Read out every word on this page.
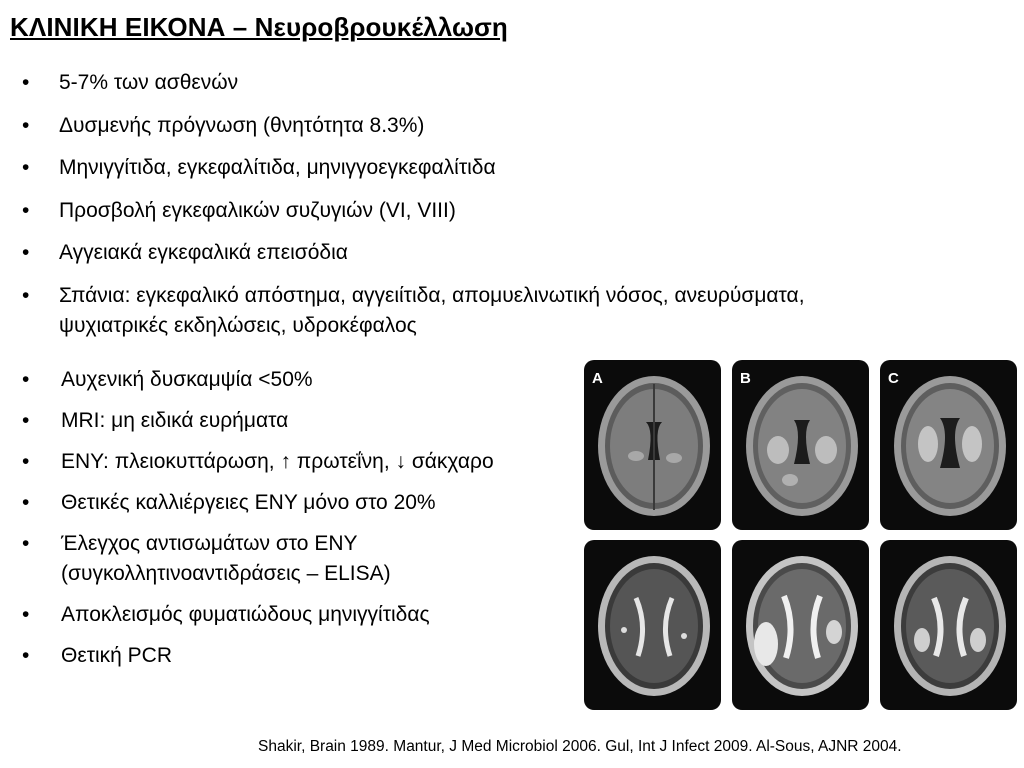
ΚΛΙΝΙΚΗ ΕΙΚΟΝΑ – Νευροβρουκέλλωση
• 5-7% των ασθενών
• Δυσμενής πρόγνωση (θνητότητα 8.3%)
• Μηνιγγίτιδα, εγκεφαλίτιδα, μηνιγγοεγκεφαλίτιδα
• Προσβολή εγκεφαλικών συζυγιών (VI, VIII)
• Αγγειακά εγκεφαλικά επεισόδια
• Σπάνια: εγκεφαλικό απόστημα, αγγειίτιδα, απομυελινωτική νόσος, ανευρύσματα, ψυχιατρικές εκδηλώσεις, υδροκέφαλος
• Αυχενική δυσκαμψία <50%
• MRI: μη ειδικά ευρήματα
• ΕΝΥ: πλειοκυττάρωση, ↑ πρωτεΐνη, ↓ σάκχαρο
• Θετικές καλλιέργειες ΕΝΥ μόνο στο 20%
• Έλεγχος αντισωμάτων στο ΕΝΥ (συγκολλητινοαντιδράσεις – ELISA)
• Αποκλεισμός φυματιώδους μηνιγγίτιδας
• Θετική PCR
A	B	C
Shakir, Brain 1989. Mantur, J Med Microbiol 2006. Gul, Int J Infect 2009. Al-Sous, AJNR 2004.
